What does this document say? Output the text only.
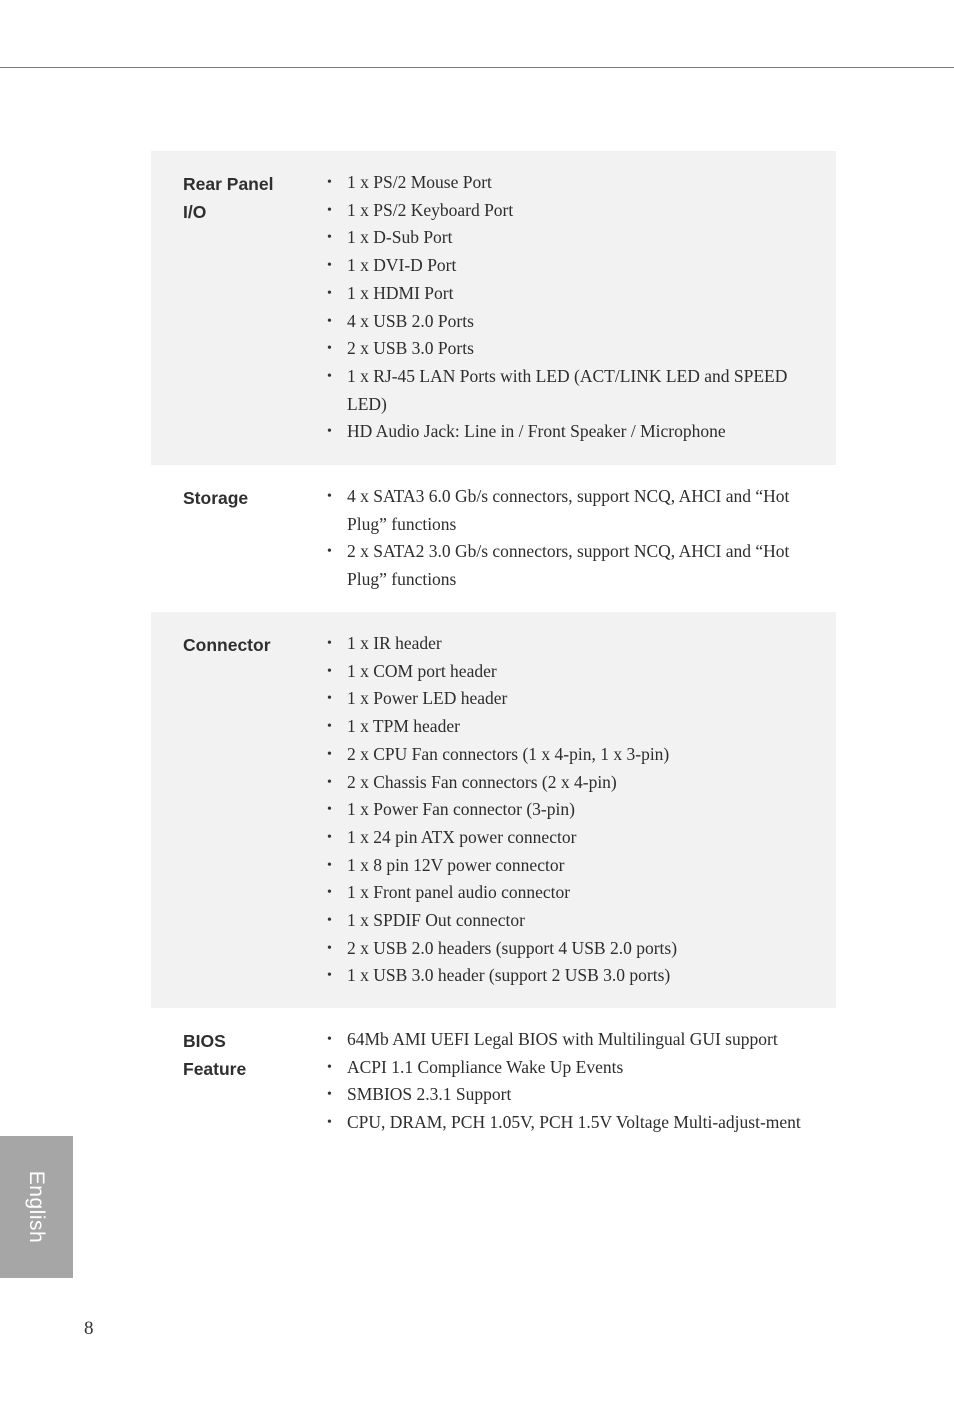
Rear Panel
I/O
• 1 x PS/2 Mouse Port
• 1 x PS/2 Keyboard Port
• 1 x D-Sub Port
• 1 x DVI-D Port
• 1 x HDMI Port
• 4 x USB 2.0 Ports
• 2 x USB 3.0 Ports
• 1 x RJ-45 LAN Ports with LED (ACT/LINK LED and SPEED LED)
• HD Audio Jack: Line in / Front Speaker / Microphone
Storage	• 4 x SATA3 6.0 Gb/s connectors, support NCQ, AHCI and “Hot Plug” functions
• 2 x SATA2 3.0 Gb/s connectors, support NCQ, AHCI and “Hot Plug” functions
Connector	• 1 x IR header
• 1 x COM port header
• 1 x Power LED header
• 1 x TPM header
• 2 x CPU Fan connectors (1 x 4-pin, 1 x 3-pin)
• 2 x Chassis Fan connectors (2 x 4-pin)
• 1 x Power Fan connector (3-pin)
• 1 x 24 pin ATX power connector
• 1 x 8 pin 12V power connector
• 1 x Front panel audio connector
• 1 x SPDIF Out connector
• 2 x USB 2.0 headers (support 4 USB 2.0 ports)
• 1 x USB 3.0 header (support 2 USB 3.0 ports)
BIOS
Feature
• 64Mb AMI UEFI Legal BIOS with Multilingual GUI support
• ACPI 1.1 Compliance Wake Up Events
• SMBIOS 2.3.1 Support
• CPU, DRAM, PCH 1.05V, PCH 1.5V Voltage Multi-adjust-ment
English
8
